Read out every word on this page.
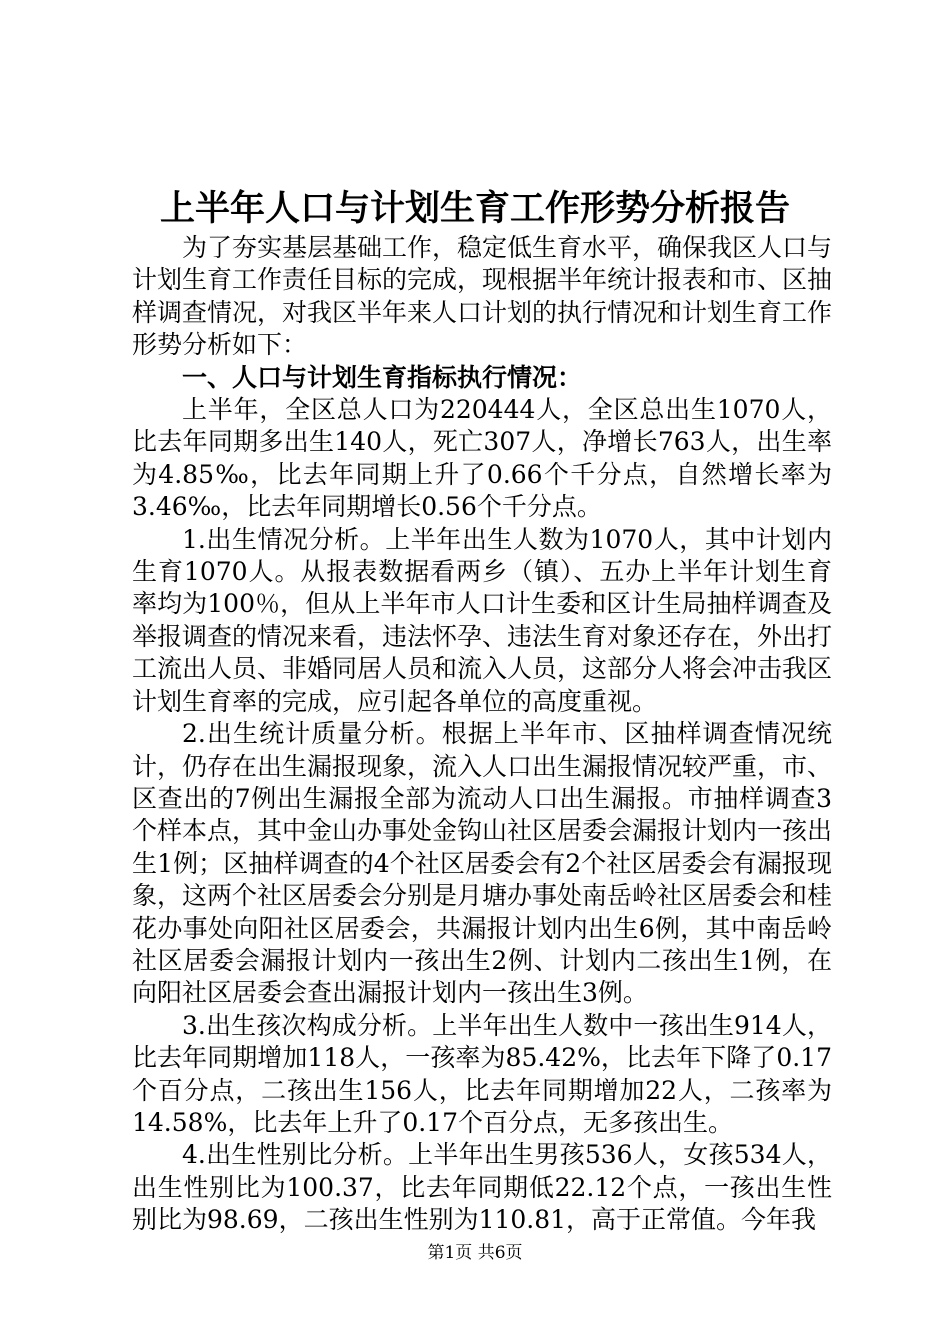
上半年人口与计划生育工作形势分析报告

为了夯实基层基础工作，稳定低生育水平，确保我区人口与计划生育工作责任目标的完成，现根据半年统计报表和市、区抽样调查情况，对我区半年来人口计划的执行情况和计划生育工作形势分析如下：

一、人口与计划生育指标执行情况：

上半年，全区总人口为220444人，全区总出生1070人，比去年同期多出生140人，死亡307人，净增长763人，出生率为4.85‰，比去年同期上升了0.66个千分点，自然增长率为3.46‰，比去年同期增长0.56个千分点。

1.出生情况分析。上半年出生人数为1070人，其中计划内生育1070人。从报表数据看两乡（镇）、五办上半年计划生育率均为100％，但从上半年市人口计生委和区计生局抽样调查及举报调查的情况来看，违法怀孕、违法生育对象还存在，外出打工流出人员、非婚同居人员和流入人员，这部分人将会冲击我区计划生育率的完成，应引起各单位的高度重视。

2.出生统计质量分析。根据上半年市、区抽样调查情况统计，仍存在出生漏报现象，流入人口出生漏报情况较严重，市、区查出的7例出生漏报全部为流动人口出生漏报。市抽样调查3个样本点，其中金山办事处金钩山社区居委会漏报计划内一孩出生1例；区抽样调查的4个社区居委会有2个社区居委会有漏报现象，这两个社区居委会分别是月塘办事处南岳岭社区居委会和桂花办事处向阳社区居委会，共漏报计划内出生6例，其中南岳岭社区居委会漏报计划内一孩出生2例、计划内二孩出生1例，在向阳社区居委会查出漏报计划内一孩出生3例。

3.出生孩次构成分析。上半年出生人数中一孩出生914人，比去年同期增加118人，一孩率为85.42%，比去年下降了0.17个百分点，二孩出生156人，比去年同期增加22人，二孩率为14.58%，比去年上升了0.17个百分点，无多孩出生。

4.出生性别比分析。上半年出生男孩536人，女孩534人，出生性别比为100.37，比去年同期低22.12个点，一孩出生性别比为98.69，二孩出生性别为110.81，高于正常值。今年我

第1页 共6页
